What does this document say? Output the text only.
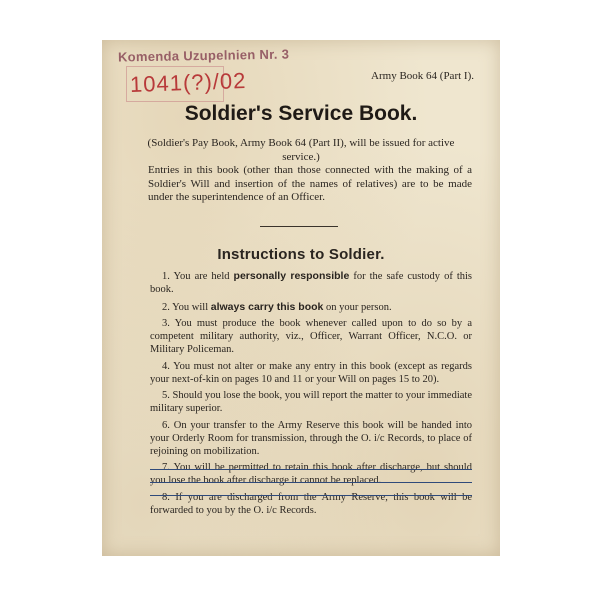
Komenda Uzupelnien Nr. 3
1041(?)/02	Army Book 64 (Part I).
Soldier's Service Book.
(Soldier's Pay Book, Army Book 64 (Part II), will be issued for active service.)
Entries in this book (other than those connected with the making of a Soldier's Will and insertion of the names of relatives) are to be made under the superintendence of an Officer.
Instructions to Soldier.

1. You are held personally responsible for the safe custody of this book.

2. You will always carry this book on your person.

3. You must produce the book whenever called upon to do so by a competent military authority, viz., Officer, Warrant Officer, N.C.O. or Military Policeman.

4. You must not alter or make any entry in this book (except as regards your next-of-kin on pages 10 and 11 or your Will on pages 15 to 20).

5. Should you lose the book, you will report the matter to your immediate military superior.

6. On your transfer to the Army Reserve this book will be handed into your Orderly Room for transmission, through the O. i/c Records, to place of rejoining on mobilization.

7. You will be permitted to retain this book after discharge, but should you lose the book after discharge it cannot be replaced.

8. If you are discharged from the Army Reserve, this book will be forwarded to you by the O. i/c Records.
